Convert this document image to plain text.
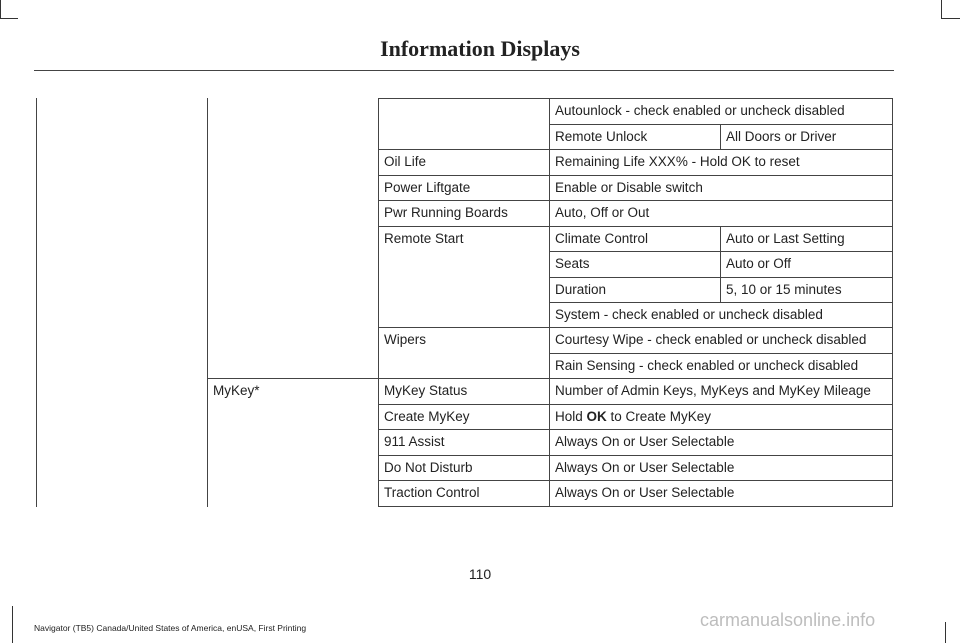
Information Displays
MyKey*
Oil Life
Power Liftgate
Pwr Running Boards
Remote Start
Wipers
MyKey Status
Create MyKey
911 Assist
Do Not Disturb
Traction Control
Autounlock - check enabled or uncheck disabled
Remote Unlock
Remaining Life XXX% - Hold OK to reset
Enable or Disable switch
Auto, Off or Out
Climate Control
Seats
Duration
System - check enabled or uncheck disabled
Courtesy Wipe - check enabled or uncheck disabled
Rain Sensing - check enabled or uncheck disabled
Number of Admin Keys, MyKeys and MyKey Mileage
Hold OK to Create MyKey
Always On or User Selectable
Always On or User Selectable
Always On or User Selectable
All Doors or Driver
Auto or Last Setting
Auto or Off
5, 10 or 15 minutes
110
Navigator (TB5) Canada/United States of America, enUSA, First Printing	carmanualsonline.info
